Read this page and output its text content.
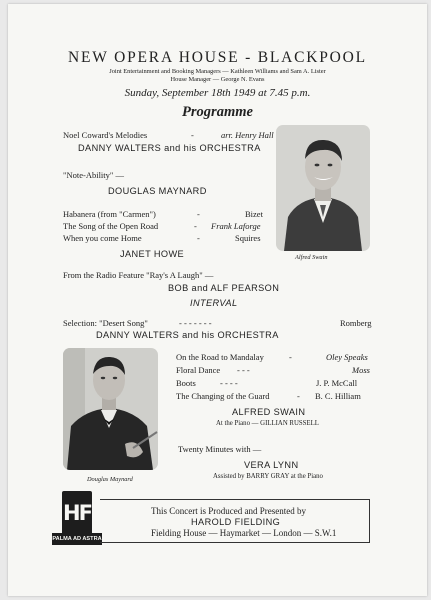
NEW OPERA HOUSE - BLACKPOOL
Joint Entertainment and Booking Managers — Kathleen Williams and Sam A. Lister
House Manager — George N. Evans
Sunday, September 18th 1949 at 7.45 p.m.
Programme
Noel Coward's Melodies	-	arr. Henry Hall
DANNY WALTERS and his ORCHESTRA
"Note-Ability" —
DOUGLAS MAYNARD
Habanera (from "Carmen")	-	Bizet
The Song of the Open Road	- Frank Laforge
When you come Home	-	Squires
JANET HOWE
From the Radio Feature "Ray's A Laugh" —
BOB and ALF PEARSON
INTERVAL
Selection: "Desert Song"	- - - - - - -	Romberg
DANNY WALTERS and his ORCHESTRA
On the Road to Mandalay	-	Oley Speaks
Floral Dance - - -	Moss
Boots	- - - -	J. P. McCall
The Changing of the Guard	- B. C. Hilliam
ALFRED SWAIN
At the Piano — GILLIAN RUSSELL
Twenty Minutes with —
VERA LYNN
Assisted by BARRY GRAY at the Piano
Alfred Swain
Douglas Maynard
HF
PALMA AD ASTRA
This Concert is Produced and Presented by
HAROLD FIELDING
Fielding House — Haymarket — London — S.W.1
